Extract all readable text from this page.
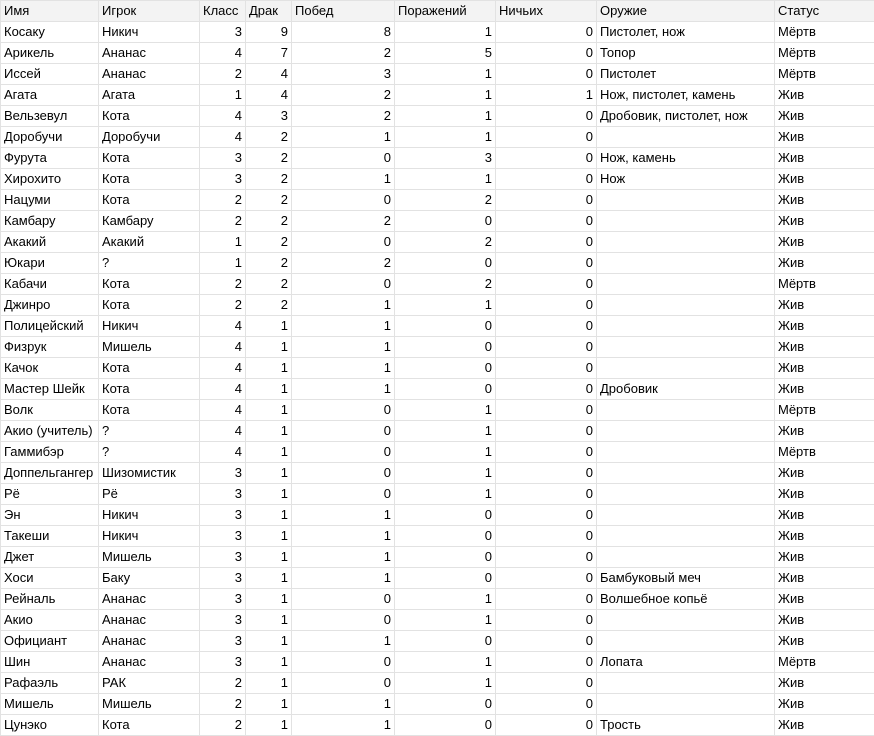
Имя	Игрок	Класс	Драк	Побед	Поражений	Ничьих	Оружие	Статус
Косаку	Никич	3	9	8	1	0	Пистолет, нож	Мёртв
Арикель	Ананас	4	7	2	5	0	Топор	Мёртв
Иссей	Ананас	2	4	3	1	0	Пистолет	Мёртв
Агата	Агата	1	4	2	1	1	Нож, пистолет, камень	Жив
Вельзевул	Кота	4	3	2	1	0	Дробовик, пистолет, нож	Жив
Доробучи	Доробучи	4	2	1	1	0		Жив
Фурута	Кота	3	2	0	3	0	Нож, камень	Жив
Хирохито	Кота	3	2	1	1	0	Нож	Жив
Нацуми	Кота	2	2	0	2	0		Жив
Камбару	Камбару	2	2	2	0	0		Жив
Акакий	Акакий	1	2	0	2	0		Жив
Юкари	?	1	2	2	0	0		Жив
Кабачи	Кота	2	2	0	2	0		Мёртв
Джинро	Кота	2	2	1	1	0		Жив
Полицейский	Никич	4	1	1	0	0		Жив
Физрук	Мишель	4	1	1	0	0		Жив
Качок	Кота	4	1	1	0	0		Жив
Мастер Шейк	Кота	4	1	1	0	0	Дробовик	Жив
Волк	Кота	4	1	0	1	0		Мёртв
Акио (учитель)	?	4	1	0	1	0		Жив
Гаммибэр	?	4	1	0	1	0		Мёртв
Доппельгангер	Шизомистик	3	1	0	1	0		Жив
Рё	Рё	3	1	0	1	0		Жив
Эн	Никич	3	1	1	0	0		Жив
Такеши	Никич	3	1	1	0	0		Жив
Джет	Мишель	3	1	1	0	0		Жив
Хоси	Баку	3	1	1	0	0	Бамбуковый меч	Жив
Рейналь	Ананас	3	1	0	1	0	Волшебное копьё	Жив
Акио	Ананас	3	1	0	1	0		Жив
Официант	Ананас	3	1	1	0	0		Жив
Шин	Ананас	3	1	0	1	0	Лопата	Мёртв
Рафаэль	РАК	2	1	0	1	0		Жив
Мишель	Мишель	2	1	1	0	0		Жив
Цунэко	Кота	2	1	1	0	0	Трость	Жив
